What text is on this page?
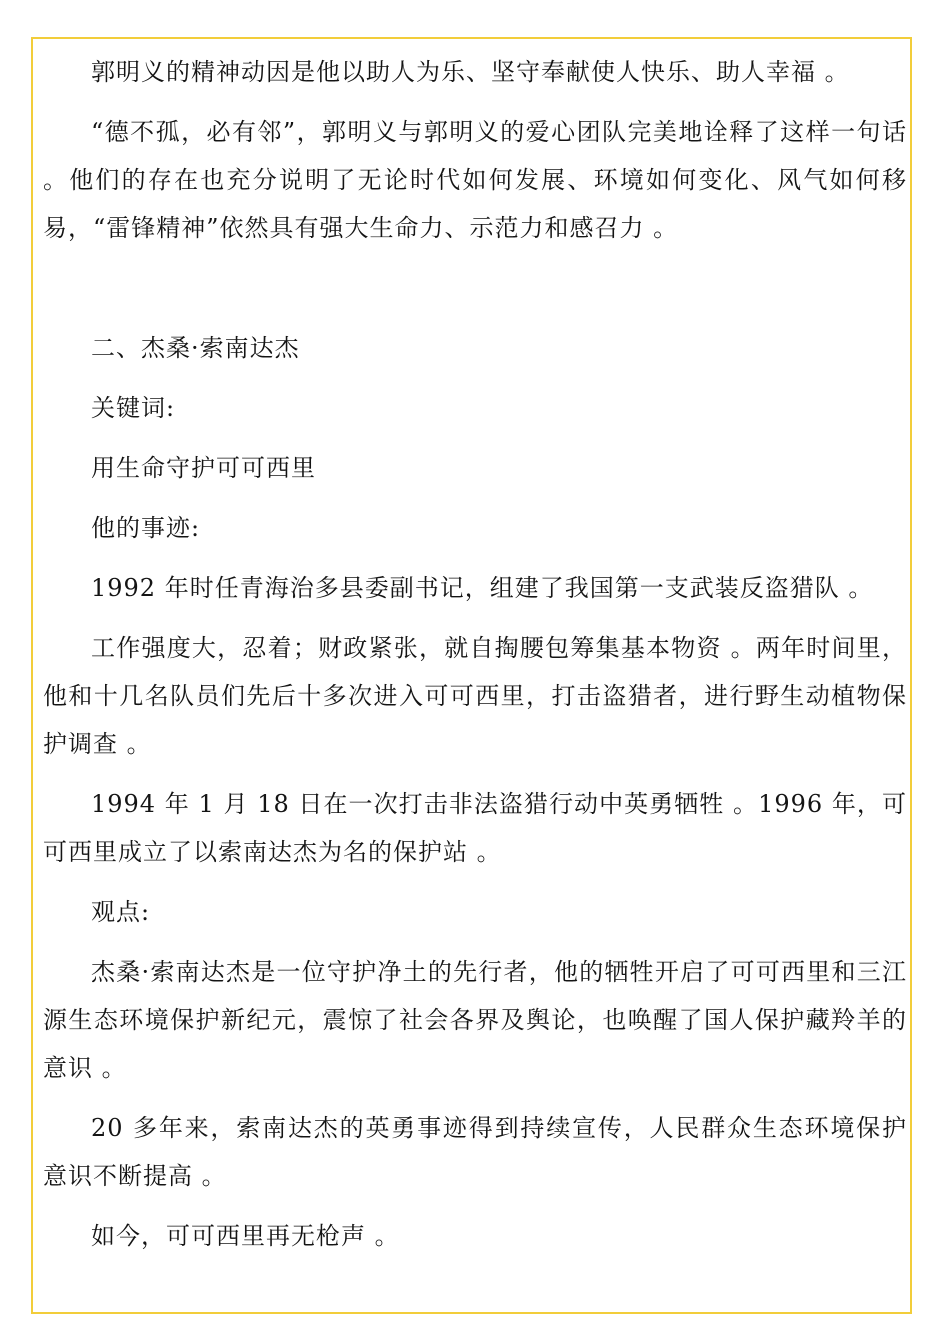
郭明义的精神动因是他以助人为乐、坚守奉献使人快乐、助人幸福 。

“德不孤，必有邻”，郭明义与郭明义的爱心团队完美地诠释了这样一句话 。他们的存在也充分说明了无论时代如何发展、环境如何变化、风气如何移易，“雷锋精神”依然具有强大生命力、示范力和感召力 。

二、杰桑·索南达杰

关键词:

用生命守护可可西里

他的事迹:

1992 年时任青海治多县委副书记，组建了我国第一支武装反盗猎队 。

工作强度大，忍着；财政紧张，就自掏腰包筹集基本物资 。两年时间里，他和十几名队员们先后十多次进入可可西里，打击盗猎者，进行野生动植物保护调查 。

1994 年 1 月 18 日在一次打击非法盗猎行动中英勇牺牲 。1996 年，可可西里成立了以索南达杰为名的保护站 。

观点:

杰桑·索南达杰是一位守护净土的先行者，他的牺牲开启了可可西里和三江源生态环境保护新纪元，震惊了社会各界及舆论，也唤醒了国人保护藏羚羊的意识 。

20 多年来，索南达杰的英勇事迹得到持续宣传，人民群众生态环境保护意识不断提高 。

如今，可可西里再无枪声 。
